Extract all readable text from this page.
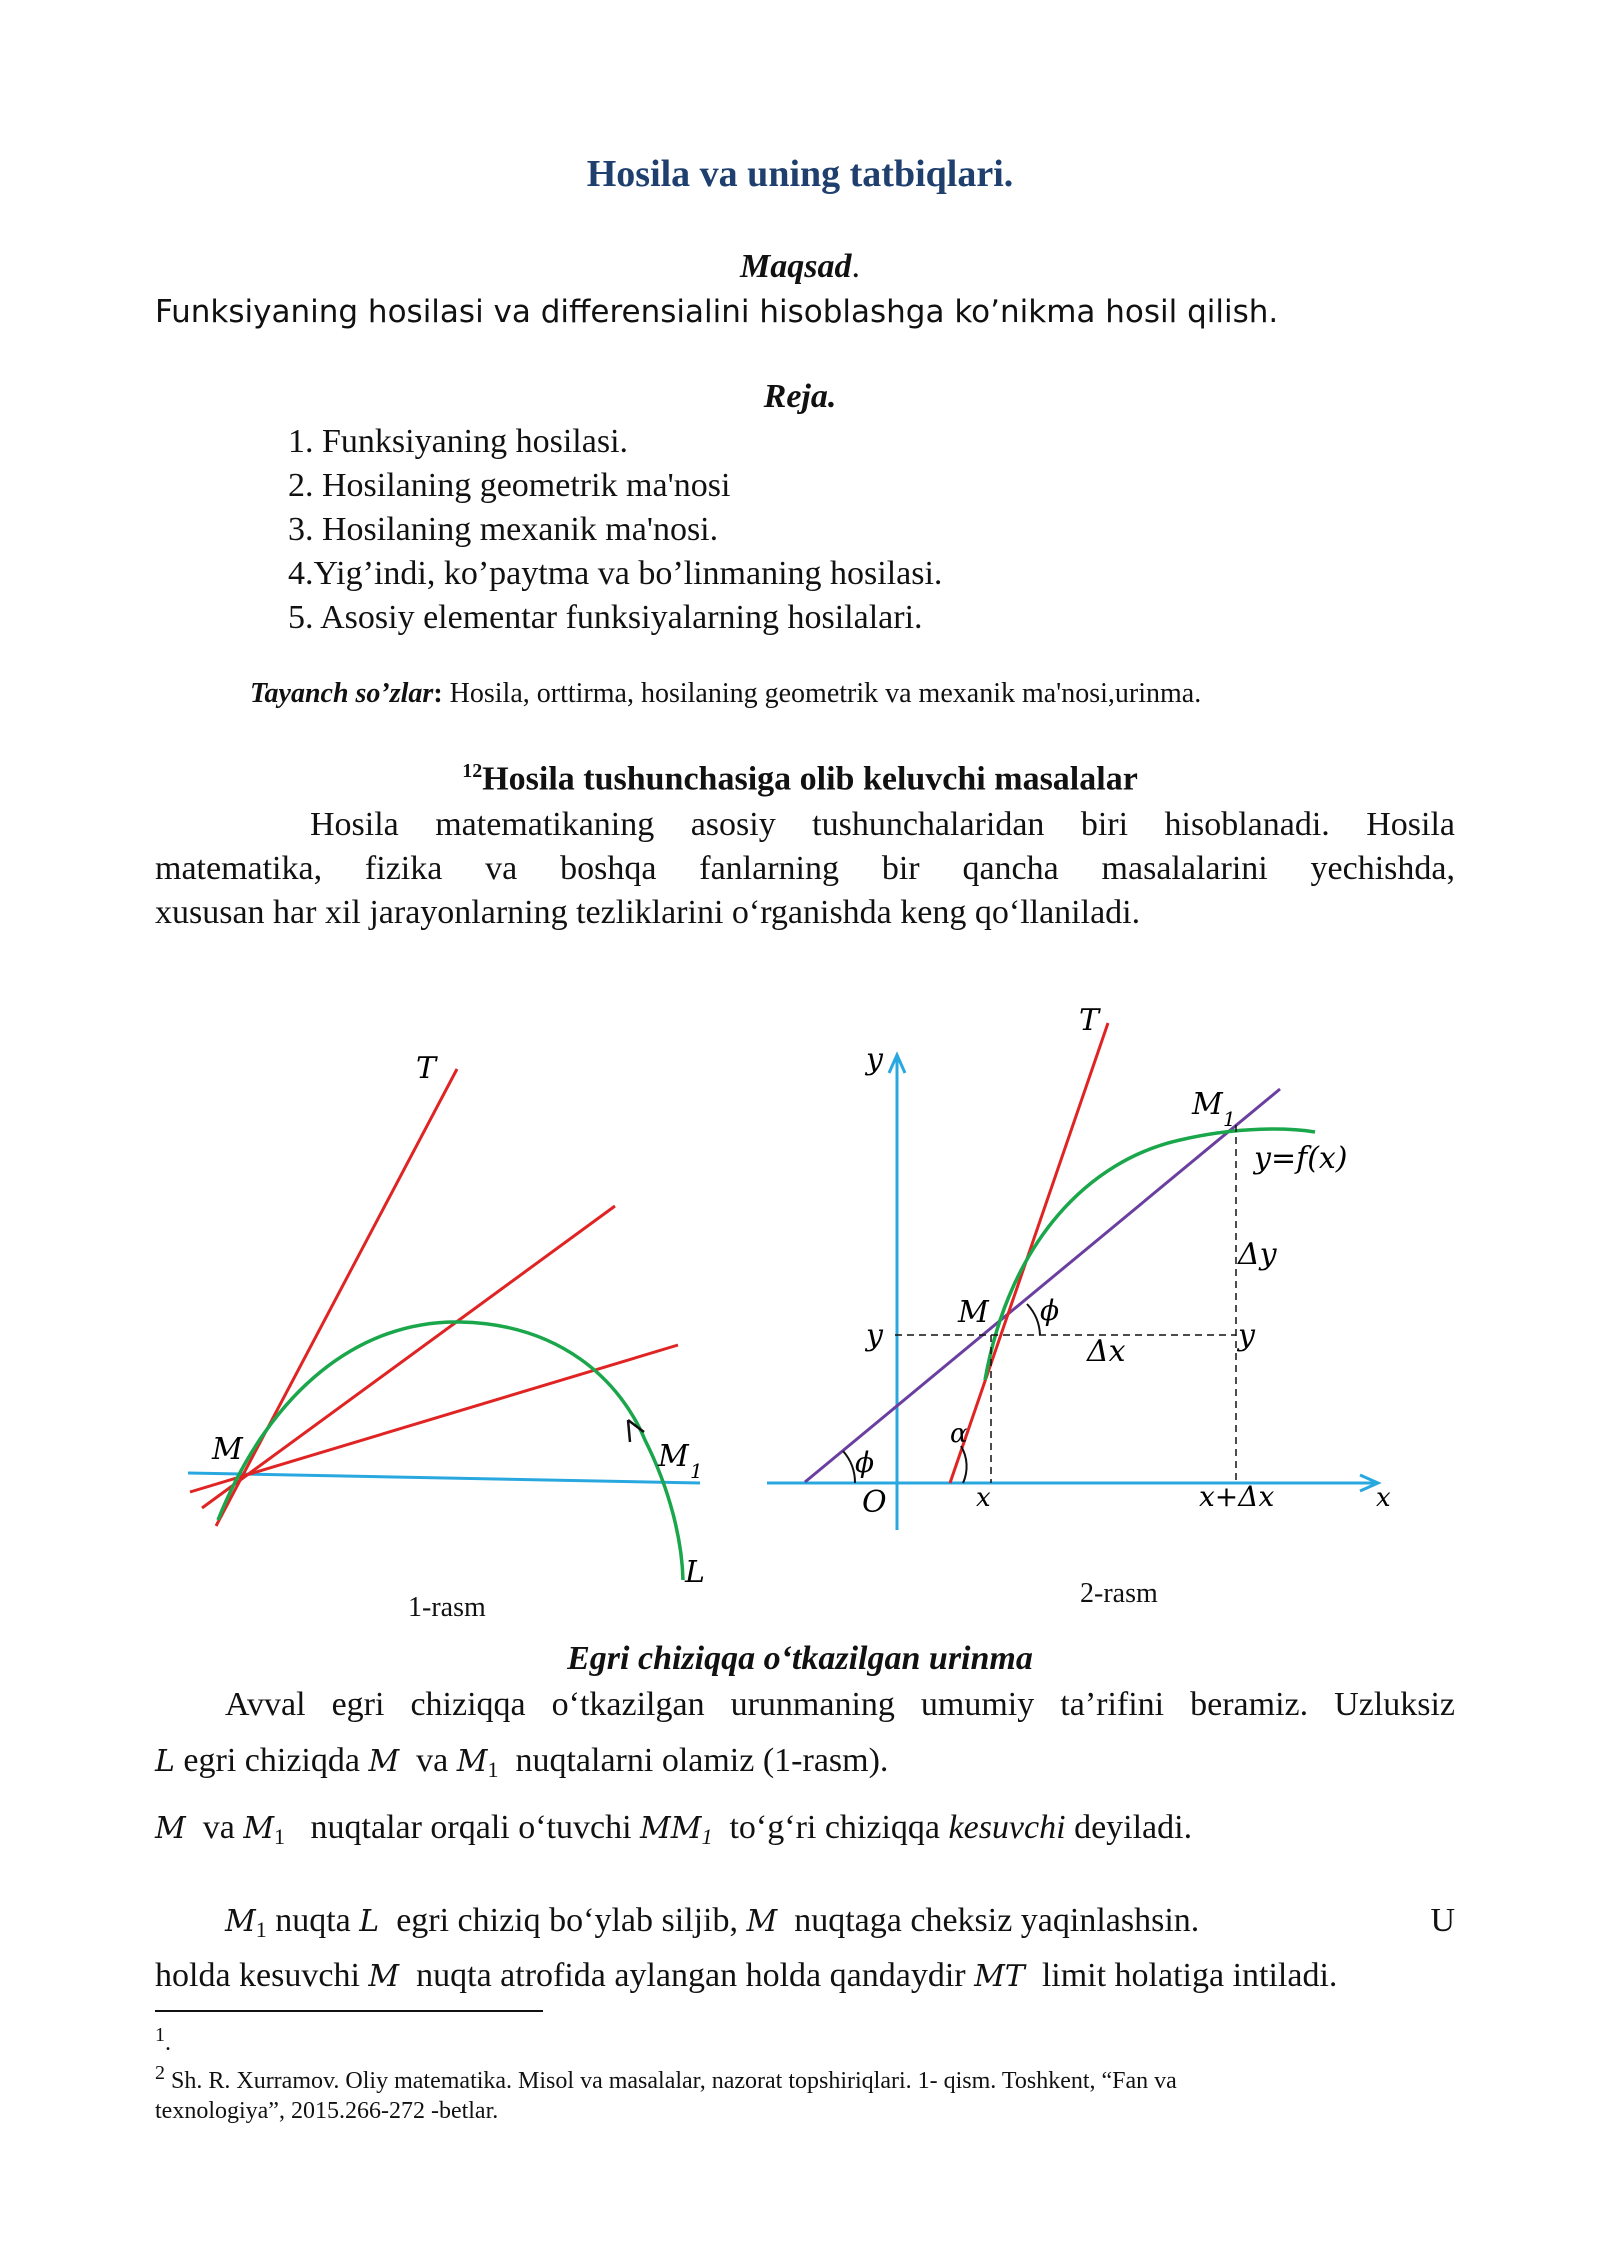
Hosila va uning tatbiqlari.
Maqsad.
Funksiyaning hosilasi va differensialini hisoblashga ko’nikma hosil qilish.
Reja.
1. Funksiyaning hosilasi.
2. Hosilaning geometrik ma'nosi
3. Hosilaning mexanik ma'nosi.
4.Yig’indi, ko’paytma va bo’linmaning hosilasi.
5. Asosiy elementar funksiyalarning hosilalari.
Tayanch so’zlar: Hosila, orttirma, hosilaning geometrik va mexanik ma'nosi,urinma.
$^{12}$Hosila tushunchasiga olib keluvchi masalalar
Hosila matematikaning asosiy tushunchalaridan biri hisoblanadi. Hosila
matematika, fizika va boshqa fanlarning bir qancha masalalarini yechishda,
xususan har xil jarayonlarning tezliklarini o‘rganishda keng qo‘llaniladi.
T
M	M 1
L
T
y
M 1
y=f(x)
Δy
M ϕ
y	Δx	y
α
ϕ
O	x	x+Δx	x
1-rasm	2-rasm
Egri chiziqqa o‘tkazilgan urinma
Avval egri chiziqqa o‘tkazilgan urunmaning umumiy ta’rifini beramiz. Uzluksiz
L egri chiziqda M va $M_1$ nuqtalarni olamiz (1-rasm).
M va $M_1$ nuqtalar orqali o‘tuvchi $MM_1$ to‘g‘ri chiziqqa kesuvchi deyiladi.
$M_1$ nuqta L egri chiziq bo‘ylab siljib, M nuqtaga cheksiz yaqinlashsin.	U
holda kesuvchi M nuqta atrofida aylangan holda qandaydir MT limit holatiga intiladi.
$^1$.
$^2$ Sh. R. Xurramov. Oliy matematika. Misol va masalalar, nazorat topshiriqlari. 1- qism. Toshkent, “Fan va
texnologiya”, 2015.266-272 -betlar.
